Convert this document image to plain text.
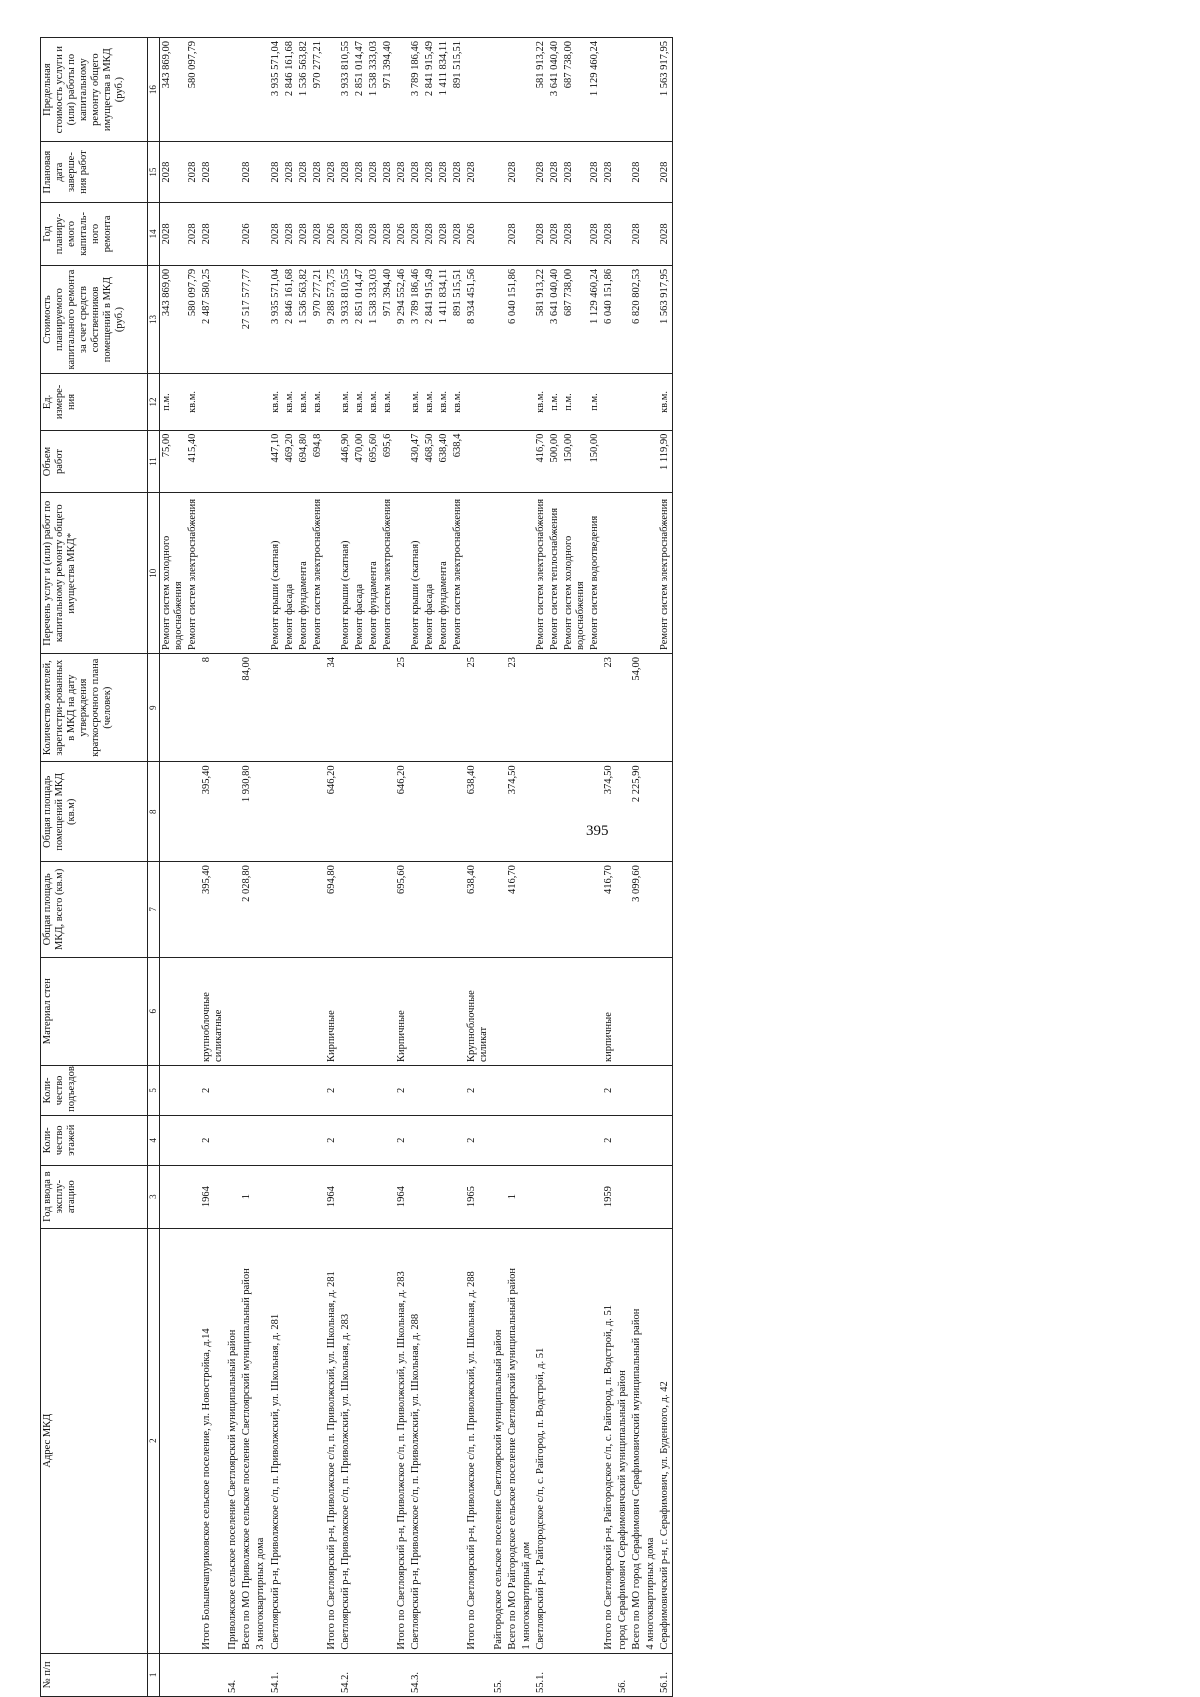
395
№ п/п	Адрес МКД	Год ввода в эксплу-атацию	Коли-чество этажей	Коли-чество подъездов	Материал стен	Общая площадь МКД, всего (кв.м)	Общая площадь помещений МКД (кв.м)	Количество жителей, зарегистри-рованных в МКД на дату утверждения краткосрочного плана (человек)	Перечень услуг и (или) работ по капитальному ремонту общего имущества МКД*	Объем работ	Ед. измере-ния	Стоимость планируемого капитального ремонта за счет средств собственников помещений в МКД (руб.)	Год планиру-емого капиталь-ного ремонта	Плановая дата заверше-ния работ	Предельная стоимость услуги и (или) работы по капитальному ремонту общего имущества в МКД (руб.)
1	2	3	4	5	6	7	8	9	10	11	12	13	14	15	16
									Ремонт систем холодного водоснабжения	75,00	п.м.	343 869,00	2028	2028	343 869,00
									Ремонт систем электроснабжения	415,40	кв.м.	580 097,79	2028	2028	580 097,79
	Итого Большечапуриковское сельское поселение, ул. Новостройка, д.14	1964	2	2	крупноблочные силикатные	395,40	395,40	8				2 487 580,25	2028	2028	
54.	Приволжское сельское поселение Светлоярский муниципальный район														
	Всего по МО Приволжское сельское поселение Светлоярский муниципальный район	1				2 028,80	1 930,80	84,00				27 517 577,77	2026	2028	
	3 многоквартирных дома														
54.1.	Светлоярский р-н, Приволжское с/п, п. Приволжский, ул. Школьная, д. 281								Ремонт крыши (скатная)	447,10	кв.м.	3 935 571,04	2028	2028	3 935 571,04
									Ремонт фасада	469,20	кв.м.	2 846 161,68	2028	2028	2 846 161,68
									Ремонт фундамента	694,80	кв.м.	1 536 563,82	2028	2028	1 536 563,82
									Ремонт систем электроснабжения	694,8	кв.м.	970 277,21	2028	2028	970 277,21
	Итого по Светлоярский р-н, Приволжское с/п, п. Приволжский, ул. Школьная, д. 281	1964	2	2	Кирпичные	694,80	646,20	34				9 288 573,75	2026	2028	
54.2.	Светлоярский р-н, Приволжское с/п, п. Приволжский, ул. Школьная, д. 283								Ремонт крыши (скатная)	446,90	кв.м.	3 933 810,55	2028	2028	3 933 810,55
									Ремонт фасада	470,00	кв.м.	2 851 014,47	2028	2028	2 851 014,47
									Ремонт фундамента	695,60	кв.м.	1 538 333,03	2028	2028	1 538 333,03
									Ремонт систем электроснабжения	695,6	кв.м.	971 394,40	2028	2028	971 394,40
	Итого по Светлоярский р-н, Приволжское с/п, п. Приволжский, ул. Школьная, д. 283	1964	2	2	Кирпичные	695,60	646,20	25				9 294 552,46	2026	2028	
54.3.	Светлоярский р-н, Приволжское с/п, п. Приволжский, ул. Школьная, д. 288								Ремонт крыши (скатная)	430,47	кв.м.	3 789 186,46	2028	2028	3 789 186,46
									Ремонт фасада	468,50	кв.м.	2 841 915,49	2028	2028	2 841 915,49
									Ремонт фундамента	638,40	кв.м.	1 411 834,11	2028	2028	1 411 834,11
									Ремонт систем электроснабжения	638,4	кв.м.	891 515,51	2028	2028	891 515,51
	Итого по Светлоярский р-н, Приволжское с/п, п. Приволжский, ул. Школьная, д. 288	1965	2	2	Крупноблочные силикат	638,40	638,40	25				8 934 451,56	2026	2028	
55.	Райгородское сельское поселение Светлоярский муниципальный район														
	Всего по МО Райгородское сельское поселение Светлоярский муниципальный район	1				416,70	374,50	23				6 040 151,86	2028	2028	
	1 многоквартирный дом														
55.1.	Светлоярский р-н, Райгородское с/п, с. Райгород, п. Водстрой, д. 51								Ремонт систем электроснабжения	416,70	кв.м.	581 913,22	2028	2028	581 913,22
									Ремонт систем теплоснабжения	500,00	п.м.	3 641 040,40	2028	2028	3 641 040,40
									Ремонт систем холодного водоснабжения	150,00	п.м.	687 738,00	2028	2028	687 738,00
									Ремонт систем водоотведения	150,00	п.м.	1 129 460,24	2028	2028	1 129 460,24
	Итого по Светлоярский р-н, Райгородское с/п, с. Райгород, п. Водстрой, д. 51	1959	2	2	кирпичные	416,70	374,50	23				6 040 151,86	2028	2028	
56.	город Серафимович Серафимовичский муниципальный район														
	Всего по МО город Серафимович Серафимовичский муниципальный район					3 099,60	2 225,90	54,00				6 820 802,53	2028	2028	
	4 многоквартирных дома														
56.1.	Серафимовичский р-н, г. Серафимович, ул. Буденного, д. 42								Ремонт систем электроснабжения	1 119,90	кв.м.	1 563 917,95	2028	2028	1 563 917,95
